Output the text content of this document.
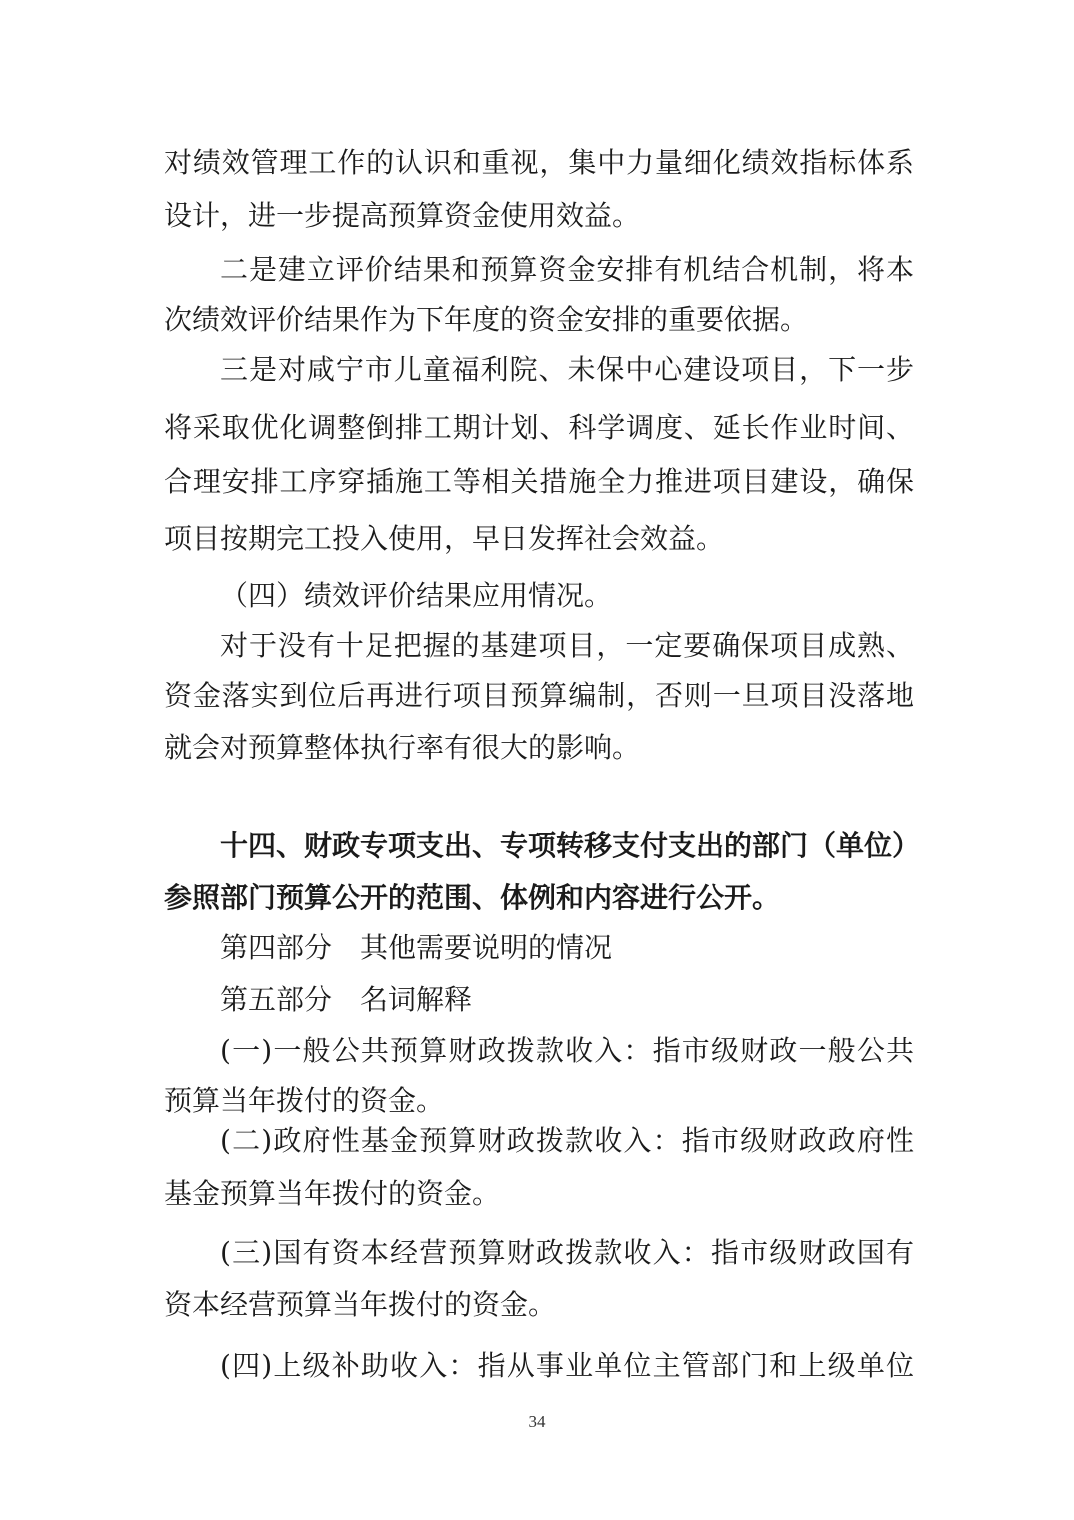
对绩效管理工作的认识和重视，集中力量细化绩效指标体系
设计，进一步提高预算资金使用效益。
二是建立评价结果和预算资金安排有机结合机制，将本
次绩效评价结果作为下年度的资金安排的重要依据。
三是对咸宁市儿童福利院、未保中心建设项目，下一步
将采取优化调整倒排工期计划、科学调度、延长作业时间、
合理安排工序穿插施工等相关措施全力推进项目建设，确保
项目按期完工投入使用，早日发挥社会效益。
（四）绩效评价结果应用情况。
对于没有十足把握的基建项目，一定要确保项目成熟、
资金落实到位后再进行项目预算编制，否则一旦项目没落地
就会对预算整体执行率有很大的影响。
十四、财政专项支出、专项转移支付支出的部门（单位）
参照部门预算公开的范围、体例和内容进行公开。
第四部分　其他需要说明的情况
第五部分　名词解释
(一)一般公共预算财政拨款收入：指市级财政一般公共
预算当年拨付的资金。
(二)政府性基金预算财政拨款收入：指市级财政政府性
基金预算当年拨付的资金。
(三)国有资本经营预算财政拨款收入：指市级财政国有
资本经营预算当年拨付的资金。
(四)上级补助收入：指从事业单位主管部门和上级单位
34
